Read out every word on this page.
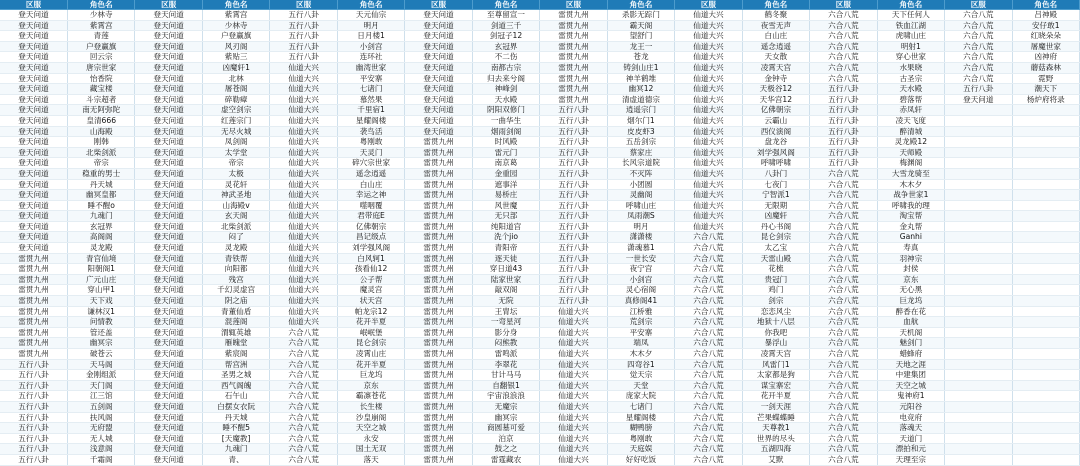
区服	角色名	区服	角色名	区服	角色名	区服	角色名	区服	角色名	区服	角色名	区服	角色名	区服	角色名
登天问道	少林寺	登天问道	紫霄宫	五行八卦	天元仙宗	登天问道	至尊留宣一	雷贯九州	杀影无踪门	仙道大兴	鹤冬聚	六合八荒	天下任何人	六合八荒	吕神殿
登天问道	紫霄宫	登天问道	少林寺	五行八卦	明月	登天问道	剑道三千	雷贯九州	霸天阁	仙道大兴	夜雪无声	六合八荒	铁血江湖	六合八荒	安仔敢1
登天问道	青莲	登天问道	户登赢旗	五行八卦	日月楼1	登天问道	剑冠子12	雷贯九州	望舒门	仙道大兴	白山庄	六合八荒	虎啸山庄	六合八荒	红晓朵朵
登天问道	户登赢旗	登天问道	风刃阁	五行八卦	小剑宫	登天问道	玄冠界	雷贯九州	龙王一	仙道大兴	遥念逍遥	六合八荒	明射1	六合八荒	屠魔世家
登天问道	回云宗	登天问道	紫贴三	五行八卦	连环社	登天问道	不二伤	雷贯九州	苍龙	仙道大兴	天女散	六合八荒	穿心世家	六合八荒	凶神府
登天问道	唐宗世家	登天问道	凶魔轩1	仙道大兴	幽湾世家	登天问道	南都古宗	雷贯九州	铸剑山庄1	仙道大兴	凌霄天宫	六合八荒	水果晓	六合八荒	蘑菇森林
登天问道	怡香院	登天问道	北林	仙道大兴	平安寨	登天问道	归去来兮阁	雷贯九州	神羊鹤堆	仙道大兴	金钟寺	六合八荒	古圣宗	六合八荒	霓野
登天问道	藏宝楼	登天问道	屠苍阁	仙道大兴	七诸门	登天问道	神峰剑	雷贯九州	幽冥12	仙道大兴	天极谷12	五行八卦	天水殿	五行八卦	潮天下
登天问道	斗宗超者	登天问道	碎勒瘴	仙道大兴	慕然果	登天问道	天水殿	雷贯九州	清虚道德宗	仙道大兴	天华宫12	五行八卦	碧落帮	登天问道	杨炉府将录
登天问道	南无阿弥陀	登天问道	虚空剑宗	仙道大兴	千里宿1	登天问道	阴阳双修门	五行八卦	逍遥宗门	仙道大兴	亿佛朝宗	五行八卦	赤凤轩		
登天问道	皇清666	登天问道	红莲宗门	仙道大兴	星耀阁楼	登天问道	一曲华生	五行八卦	烟尔门1	仙道大兴	云霸山	五行八卦	凌天飞度		
登天问道	山海殿	登天问道	无尽火城	仙道大兴	袭鸟活	登天问道	烟雨剑阁	五行八卦	皮皮虾3	仙道大兴	西仪演阁	五行八卦	醉清城		
登天问道	刚韩	登天问道	凤剑阁	仙道大兴	粤刚敢	雷贯九州	时风殿	五行八卦	五岳剑宗	仙道大兴	盘龙谷	五行八卦	灵龙殿12		
登天问道	北柴剑派	登天问道	太学堂	仙道大兴	天灵门	雷贯九州	雷元门	五行八卦	蔡家庄	仙道大兴	刘学强风阁	五行八卦	天师殿		
登天问道	帝宗	登天问道	帝宗	仙道大兴	碎穴宗世家	雷贯九州	南京葛	五行八卦	长风宗道院	仙道大兴	呼啸呼啸	五行八卦	梅渊阁		
登天问道	稳重的男士	登天问道	太极	仙道大兴	遥念逍遥	雷贯九州	金重园	五行八卦	不灭阵	仙道大兴	八卦门	六合八荒	大雪龙骑至		
登天问道	丹天城	登天问道	灵花轩	仙道大兴	白山庄	雷贯九州	遮事洋	五行八卦	小团圆	仙道大兴	七夜门	六合八荒	木木夕		
登天问道	幽冥皇都	登天问道	神武圣地	仙道大兴	幸运之神	雷贯九州	易桥庄	五行八卦	灵幽阁	仙道大兴	宁智派1	六合八荒	战争世家1		
登天问道	睡不醒o	登天问道	山海殿v	仙道大兴	噬咽覆	雷贯九州	风世魔	五行八卦	呼啸山庄	仙道大兴	无限期	六合八荒	呼啸我的理		
登天问道	九魂门	登天问道	玄天阁	仙道大兴	君带庭E	雷贯九州	无只部	五行八卦	凤雨潮S	仙道大兴	凶魔轩	六合八荒	淘宝帮		
登天问道	玄冠界	登天问道	北柴剑派	仙道大兴	亿佛朝宗	雷贯九州	纯阳道宫	五行八卦	明月	仙道大兴	丹心书阁	六合八荒	金丸帮		
登天问道	高阁阁	登天问道	闷了	仙道大兴	昌记级点	雷贯九州	洗个jio	五行八卦	潇潇楼	六合八荒	昆仑剑宗	六合八荒	Ganhi		
登天问道	灵龙殿	登天问道	灵龙殿	仙道大兴	刘学强风阁	雷贯九州	青阳帝	五行八卦	潇魂慕1	六合八荒	太乙宝	六合八荒	寿真		
雷贯九州	青宫仙境	登天问道	青铁帮	仙道大兴	白风轲1	雷贯九州	逐天徒	五行八卦	一世长安	六合八荒	天雷山殿	六合八荒	羽神宗		
雷贯九州	阳朝阁1	登天问道	向阳都	仙道大兴	孩看仙12	雷贯九州	穿日道43	五行八卦	夜宁宫	六合八荒	花梳	六合八荒	封侯		
雷贯九州	广元山庄	登天问道	残宫	仙道大兴	公子帮	雷贯九州	陆家世家	五行八卦	小剑宫	六合八荒	贵冠门	六合八荒	京东		
雷贯九州	穿山甲1	登天问道	千幻灵虚宫	仙道大兴	魔灵宫	雷贯九州	敲双阁	五行八卦	灵心宿阁	六合八荒	鸡门	六合八荒	无心黑		
雷贯九州	天下戏	登天问道	阴之庙	仙道大兴	状天宫	雷贯九州	无院	五行八卦	真修阁41	六合八荒	剑宗	六合八荒	巨龙坞		
雷贯九州	谦林汉1	登天问道	青董仙盾	仙道大兴	帕龙宗12	雷贯九州	王胄坛	仙道大兴	江桥雅	六合八荒	恋恋风尘	六合八荒	醉香在花		
雷贯九州	问情教	登天问道	混莲阁	仙道大兴	花开半夏	雷贯九州	一弯星河	仙道大兴	荒剑宗	六合八荒	地狱十八层	六合八荒	血航		
雷贯九州	管还盖	登天问道	渭辄英雄	六合八荒	岷岷堡	雷贯九州	影分身	仙道大兴	平安寨	六合八荒	你我吧	六合八荒	天机阁		
雷贯九州	幽冥宗	登天问道	雁魄堂	六合八荒	昆仑剑宗	雷贯九州	闷熊教	仙道大兴	端凤	六合八荒	暴浮山	六合八荒	魅剑门		
雷贯九州	破苍云	登天问道	紫宸阁	六合八荒	凌霄山庄	雷贯九州	雷鸣派	仙道大兴	木木夕	六合八荒	凌霄天宫	六合八荒	蜡蜂府		
五行八卦	天马阁	登天问道	帮宫洲	六合八荒	花开半夏	雷贯九州	李翠花	仙道大兴	四弯谷1	六合八荒	风雷门1	六合八荒	天地之涯		
五行八卦	金刚组派	登天问道	圣男之城	六合八荒	巨龙坞	雷贯九州	甘计马马	仙道大兴	觉天宗	六合八荒	太家都是狗	六合八荒	中建集团		
五行八卦	天门阁	登天问道	西气阁魄	六合八荒	京东	雷贯九州	自翻银1	仙道大兴	天堂	六合八荒	谋宝寨宏	六合八荒	天空之城		
五行八卦	江三馆	登天问道	石午山	六合八荒	霸凛苍花	雷贯九州	宇宙浪浪浪	仙道大兴	庞家大院	六合八荒	花开半夏	六合八荒	鬼神府1		
五行八卦	五剑阁	登天问道	白摆女衣阮	六合八荒	长生楼	雷贯九州	无魔宗	仙道大兴	七诸门	六合八荒	一剑天涯	六合八荒	元阳谷		
五行八卦	扶风阁	登天问道	丹天城	六合八荒	沙皇崩阁	雷贯九州	幽冥宗	仙道大兴	星耀阁楼	六合八荒	芒果蝶蝶睡	六合八荒	电竞府		
五行八卦	无府盟	登天问道	睡不醒5	六合八荒	天空之城	雷贯九州	商圆墓可爱	仙道大兴	糊鸭膀	六合八荒	天尊教1	六合八荒	落魂天		
五行八卦	无人城	登天问道	[天魔教]	六合八荒	永安	雷贯九州	泊京	仙道大兴	粤刚敢	六合八荒	世界的尽头	六合八荒	天道门		
五行八卦	浅意阁	登天问道	九魂门	六合八荒	国土无双	雷贯九州	鼓之之	仙道大兴	天庭娱	六合八荒	五湖四海	六合八荒	漂拍和元		
五行八卦	千霜阁	登天问道	青、	六合八荒	落天	雷贯九州	雷霆藏农	仙道大兴	好好吃饭	六合八荒	艾默	六合八荒	天理至宗		
